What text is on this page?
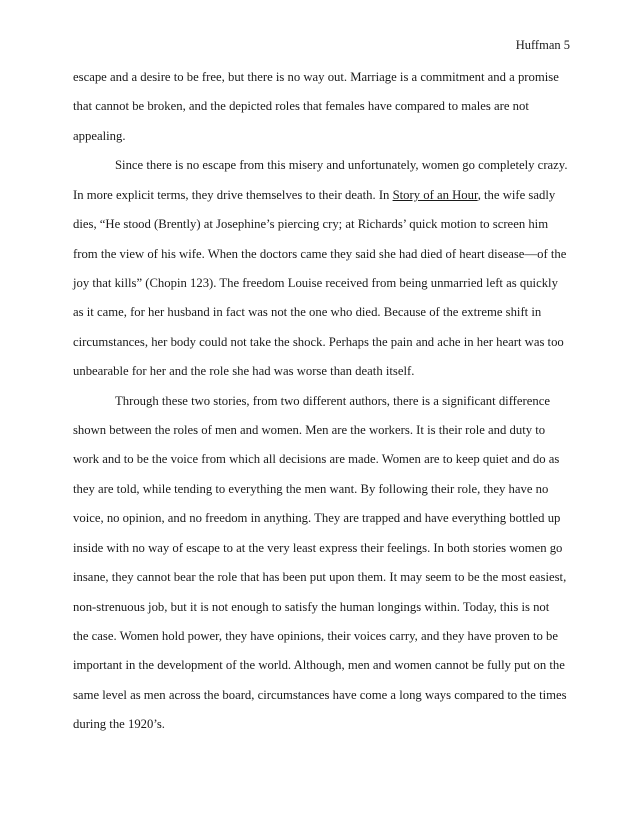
Huffman 5
escape and a desire to be free, but there is no way out. Marriage is a commitment and a promise
that cannot be broken, and the depicted roles that females have compared to males are not
appealing.
Since there is no escape from this misery and unfortunately, women go completely crazy.
In more explicit terms, they drive themselves to their death. In Story of an Hour, the wife sadly
dies, “He stood (Brently) at Josephine’s piercing cry; at Richards’ quick motion to screen him
from the view of his wife. When the doctors came they said she had died of heart disease—of the
joy that kills” (Chopin 123). The freedom Louise received from being unmarried left as quickly
as it came, for her husband in fact was not the one who died. Because of the extreme shift in
circumstances, her body could not take the shock. Perhaps the pain and ache in her heart was too
unbearable for her and the role she had was worse than death itself.
Through these two stories, from two different authors, there is a significant difference
shown between the roles of men and women. Men are the workers. It is their role and duty to
work and to be the voice from which all decisions are made. Women are to keep quiet and do as
they are told, while tending to everything the men want. By following their role, they have no
voice, no opinion, and no freedom in anything. They are trapped and have everything bottled up
inside with no way of escape to at the very least express their feelings. In both stories women go
insane, they cannot bear the role that has been put upon them. It may seem to be the most easiest,
non-strenuous job, but it is not enough to satisfy the human longings within. Today, this is not
the case. Women hold power, they have opinions, their voices carry, and they have proven to be
important in the development of the world. Although, men and women cannot be fully put on the
same level as men across the board, circumstances have come a long ways compared to the times
during the 1920’s.
